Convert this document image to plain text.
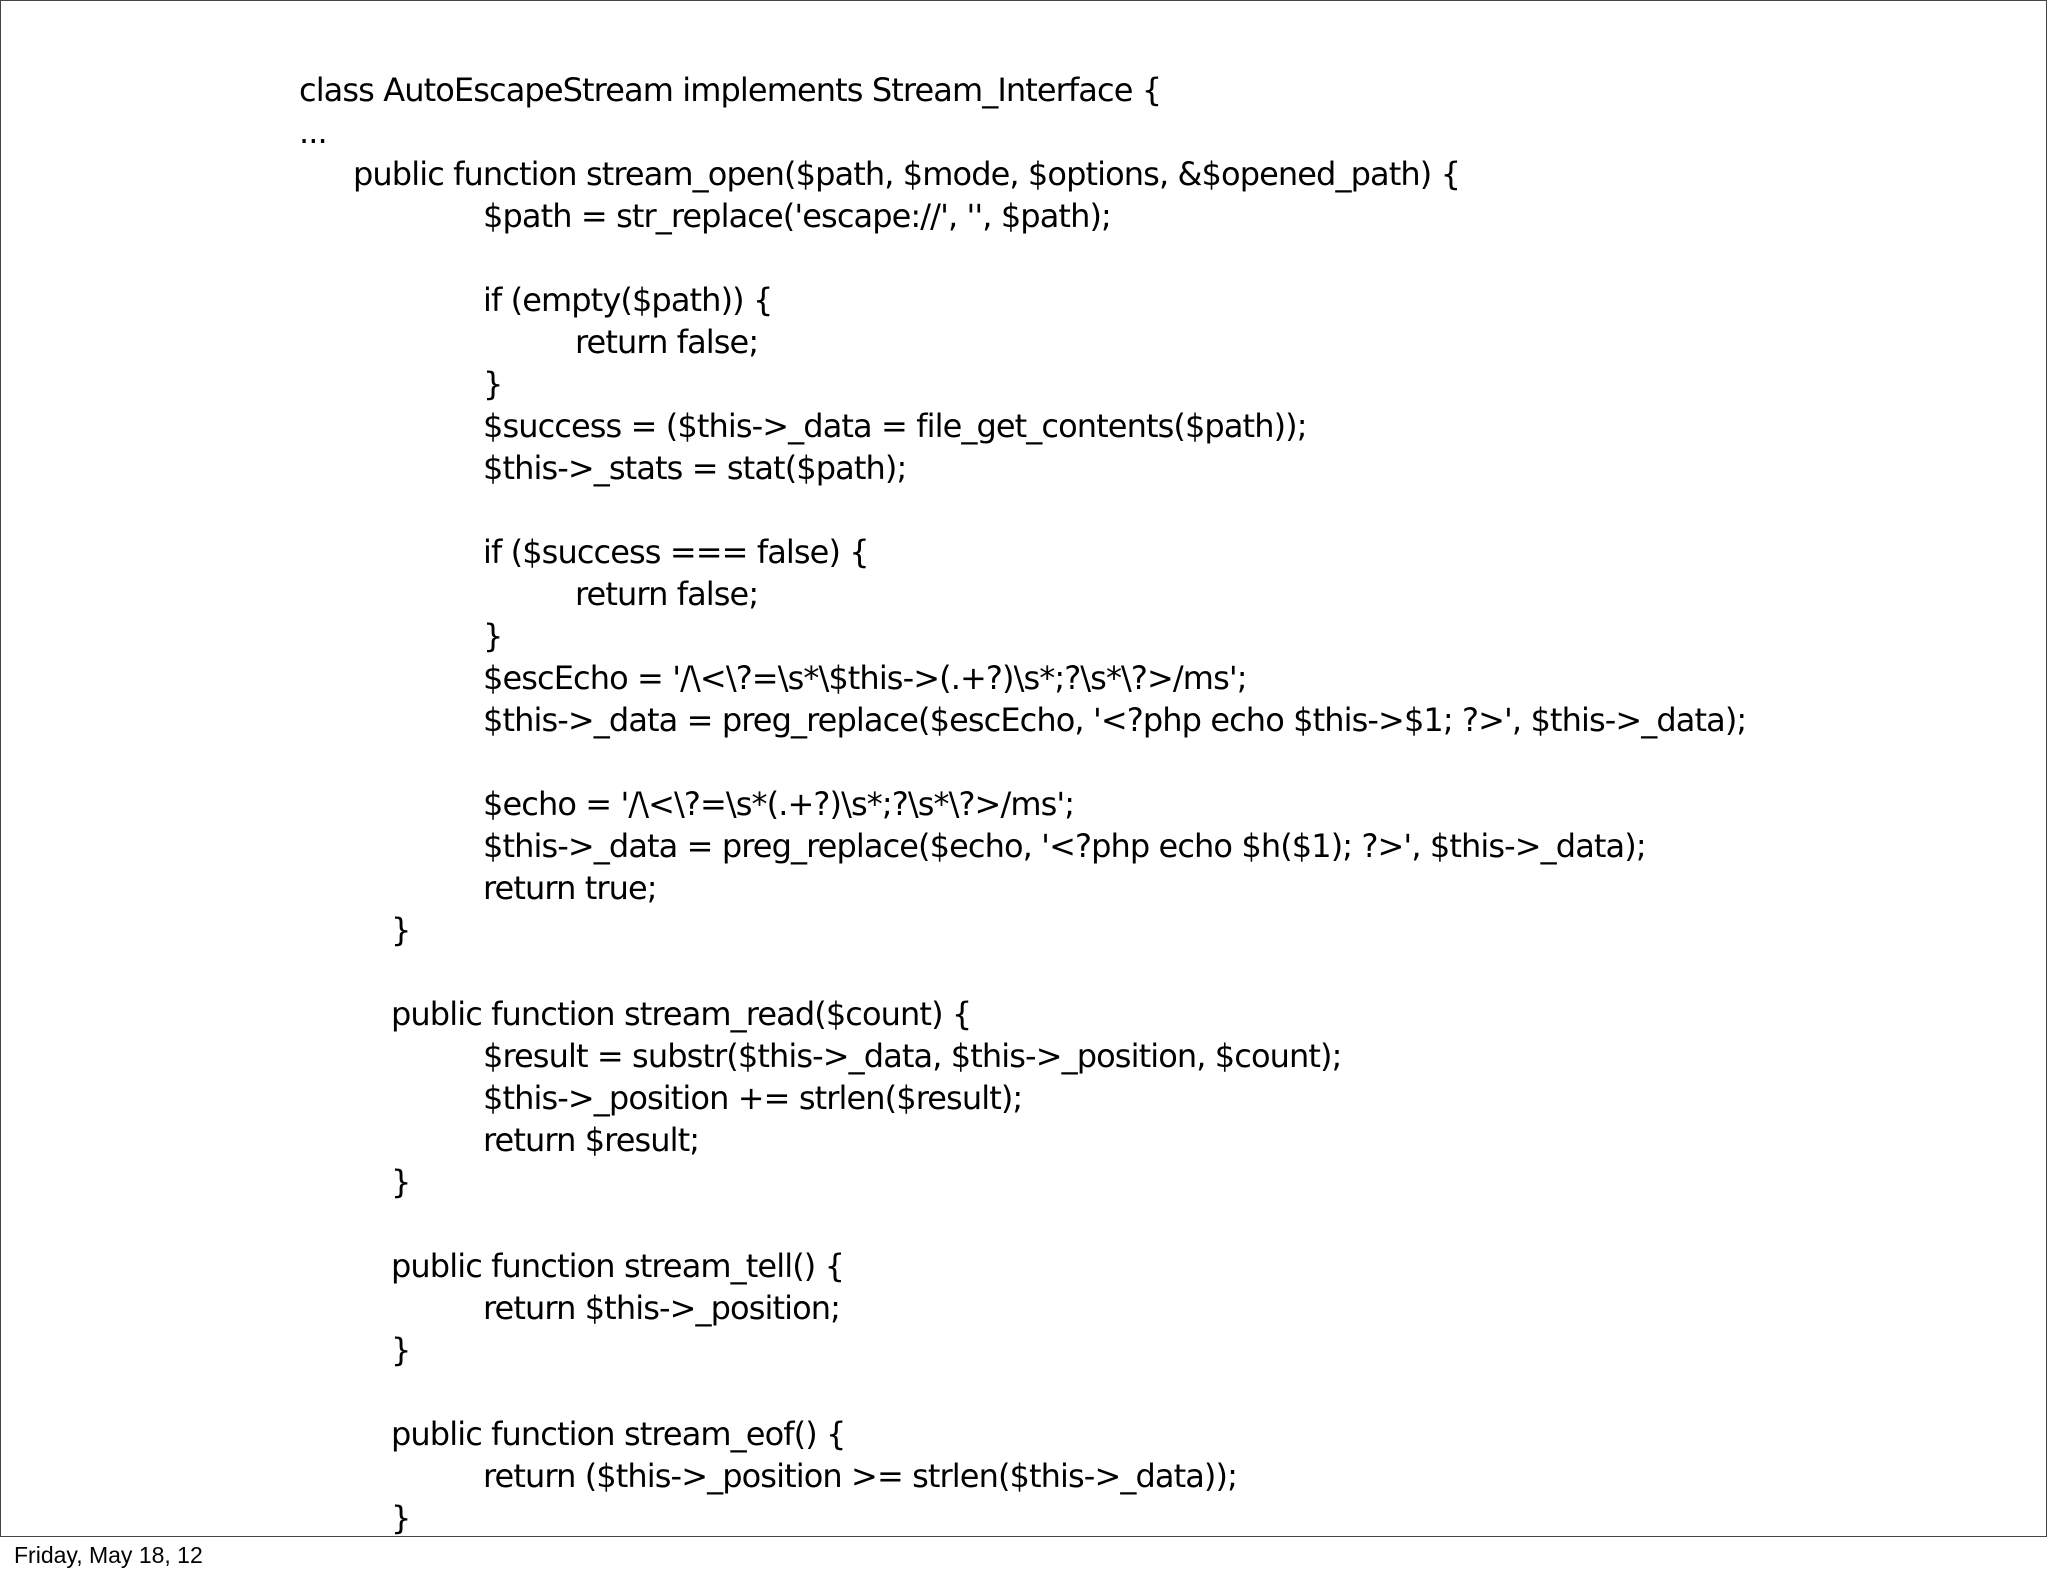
class AutoEscapeStream implements Stream_Interface {
...
public function stream_open($path, $mode, $options, &$opened_path) {
$path = str_replace('escape://', '', $path);
if (empty($path)) {
return false;
}
$success = ($this->_data = file_get_contents($path));
$this->_stats = stat($path);
if ($success === false) {
return false;
}
$escEcho = '/\<\?=\s*\$this->(.+?)\s*;?\s*\?>/ms';
$this->_data = preg_replace($escEcho, '<?php echo $this->$1; ?>', $this->_data);
$echo = '/\<\?=\s*(.+?)\s*;?\s*\?>/ms';
$this->_data = preg_replace($echo, '<?php echo $h($1); ?>', $this->_data);
return true;
}
public function stream_read($count) {
$result = substr($this->_data, $this->_position, $count);
$this->_position += strlen($result);
return $result;
}
public function stream_tell() {
return $this->_position;
}
public function stream_eof() {
return ($this->_position >= strlen($this->_data));
}
Friday, May 18, 12
